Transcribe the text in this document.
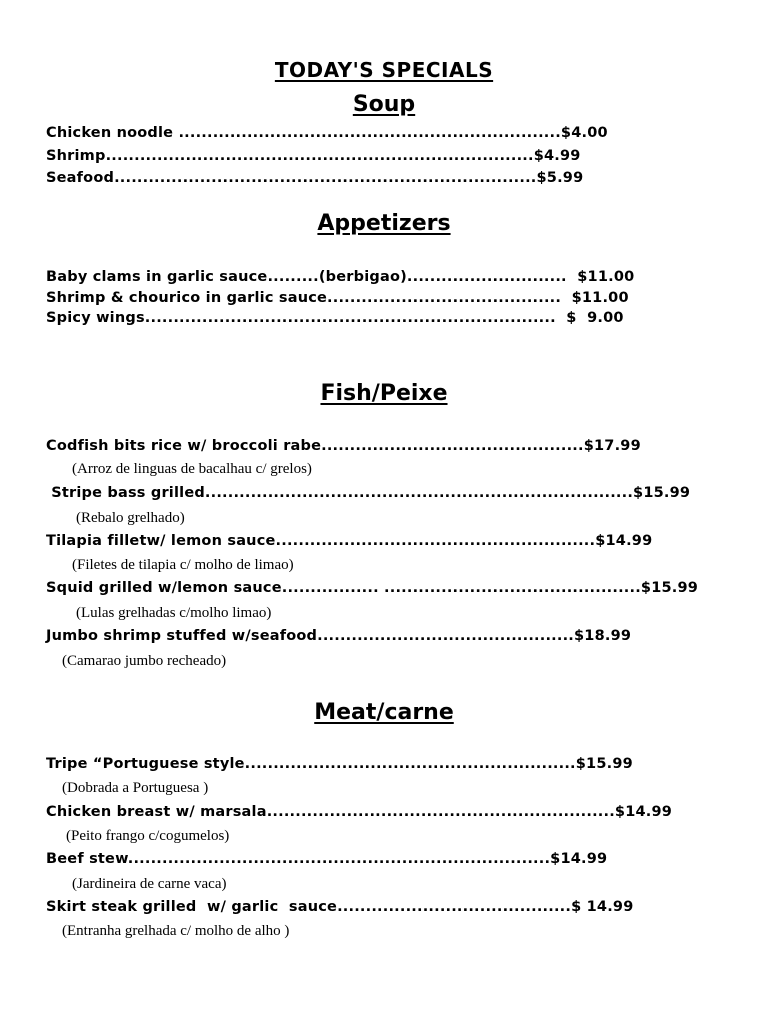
TODAY'S SPECIALS
Soup

Chicken noodle ...................................................................$4.00

Shrimp...........................................................................$4.99

Seafood..........................................................................$5.99

Appetizers

Baby clams in garlic sauce.........(berbigao)............................  $11.00

Shrimp & chourico in garlic sauce.........................................  $11.00

Spicy wings........................................................................  $  9.00

Fish/Peixe

Codfish bits rice w/ broccoli rabe..............................................$17.99

(Arroz de linguas de bacalhau c/ grelos)

Stripe bass grilled...........................................................................$15.99

(Rebalo grelhado)

Tilapia filletw/ lemon sauce........................................................$14.99

(Filetes de tilapia c/ molho de limao)

Squid grilled w/lemon sauce................. .............................................$15.99

(Lulas grelhadas c/molho limao)

Jumbo shrimp stuffed w/seafood.............................................$18.99

(Camarao jumbo recheado)

Meat/carne

Tripe “Portuguese style..........................................................$15.99

(Dobrada a Portuguesa )

Chicken breast w/ marsala.............................................................$14.99

(Peito frango c/cogumelos)

Beef stew..........................................................................$14.99

(Jardineira de carne vaca)

Skirt steak grilled  w/ garlic  sauce.........................................$ 14.99

(Entranha grelhada c/ molho de alho )
